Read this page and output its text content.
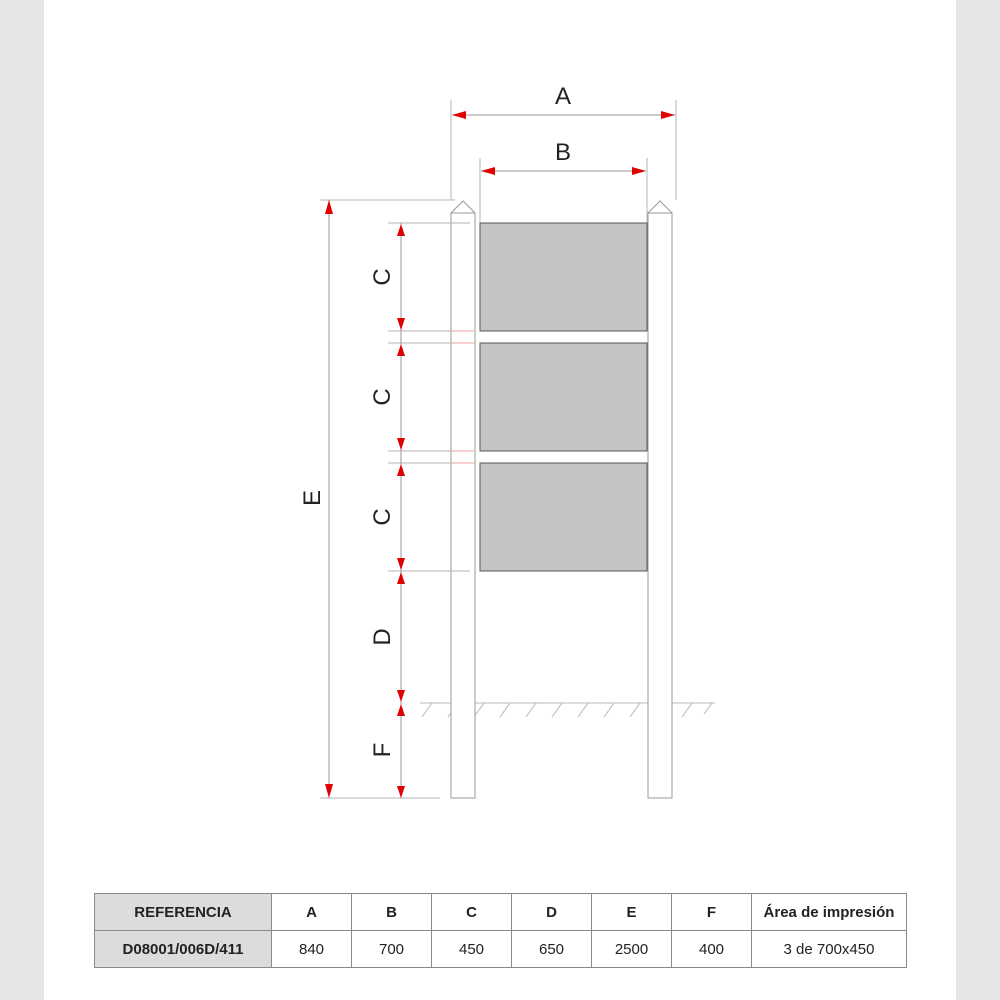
A
B
E
C
C
C
D
F
REFERENCIA	A	B	C	D	E	F	Área de impresión
D08001/006D/411	840	700	450	650	2500	400	3 de 700x450
